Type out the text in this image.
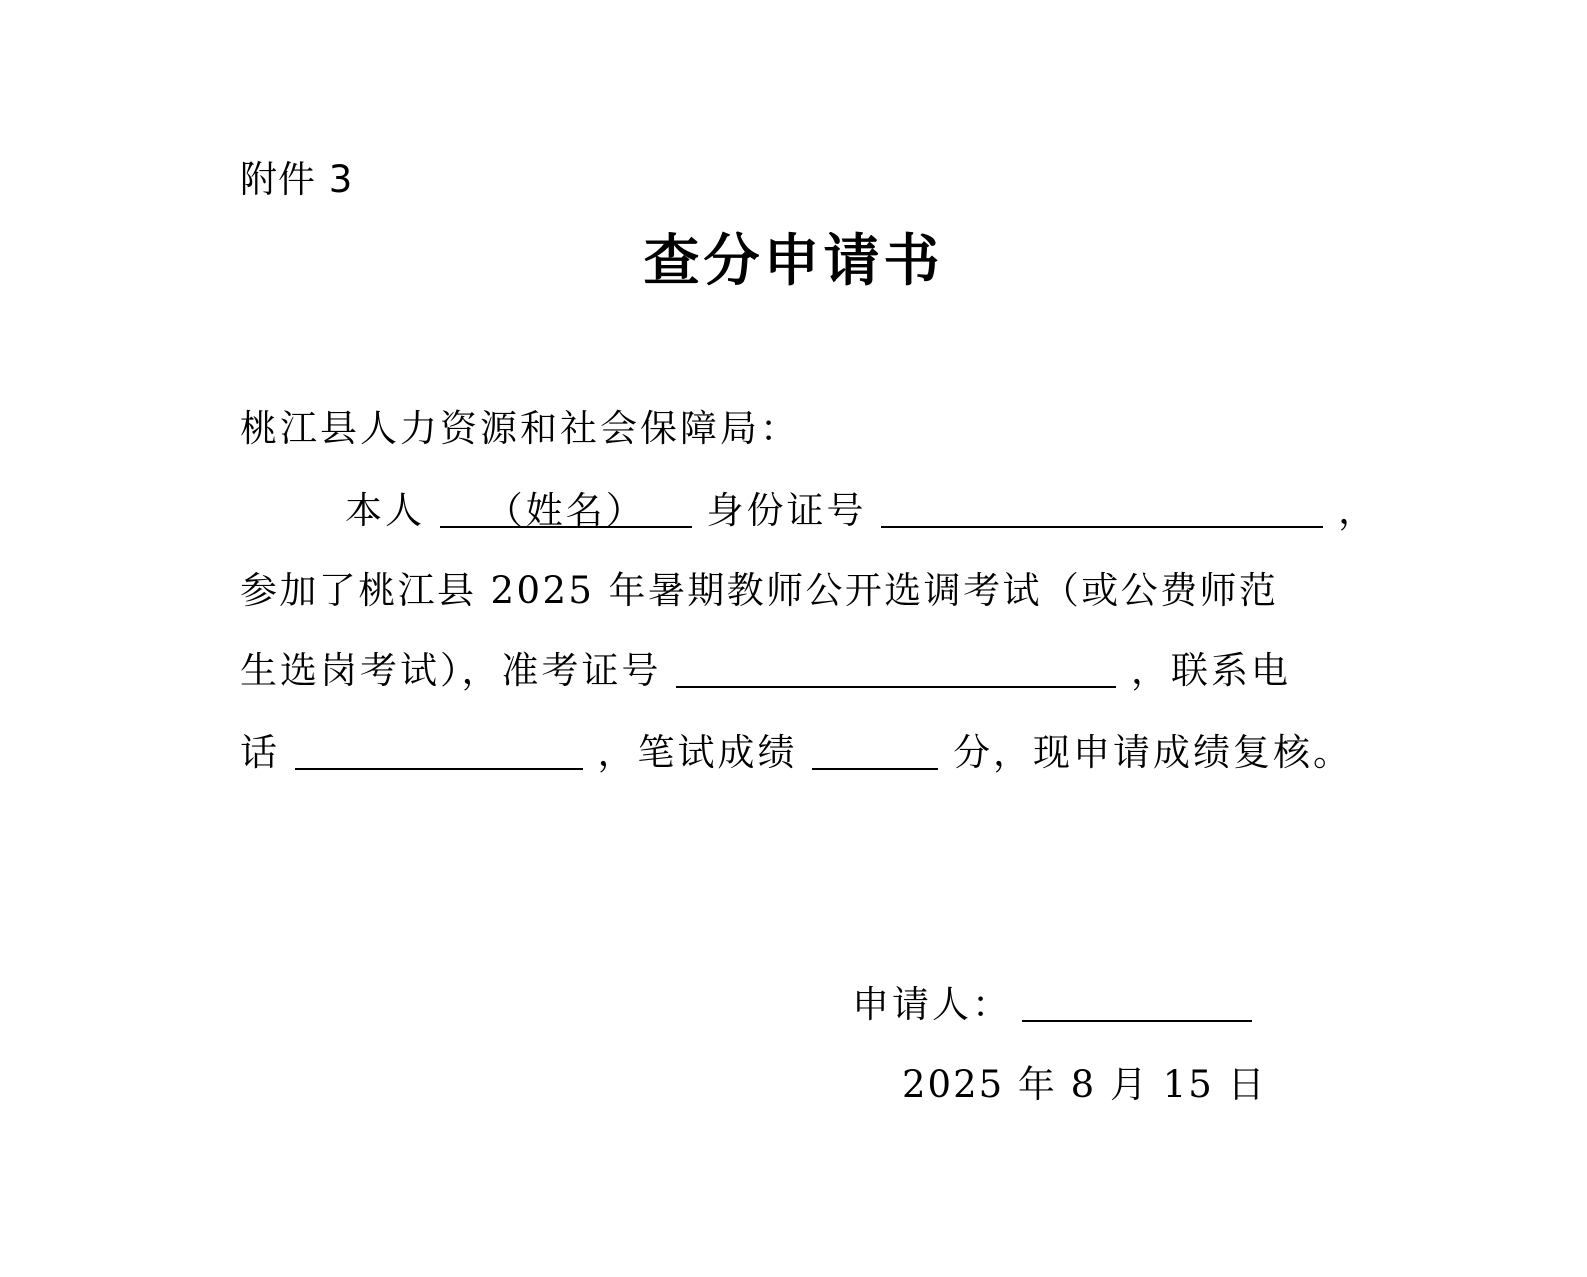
附件 3
查分申请书
桃江县人力资源和社会保障局：
本人 （姓名） 身份证号	，
参加了桃江县 2025 年暑期教师公开选调考试（或公费师范
生选岗考试），准考证号	，联系电
话	，笔试成绩	分，现申请成绩复核。
申请人：
2025 年 8 月 15 日
